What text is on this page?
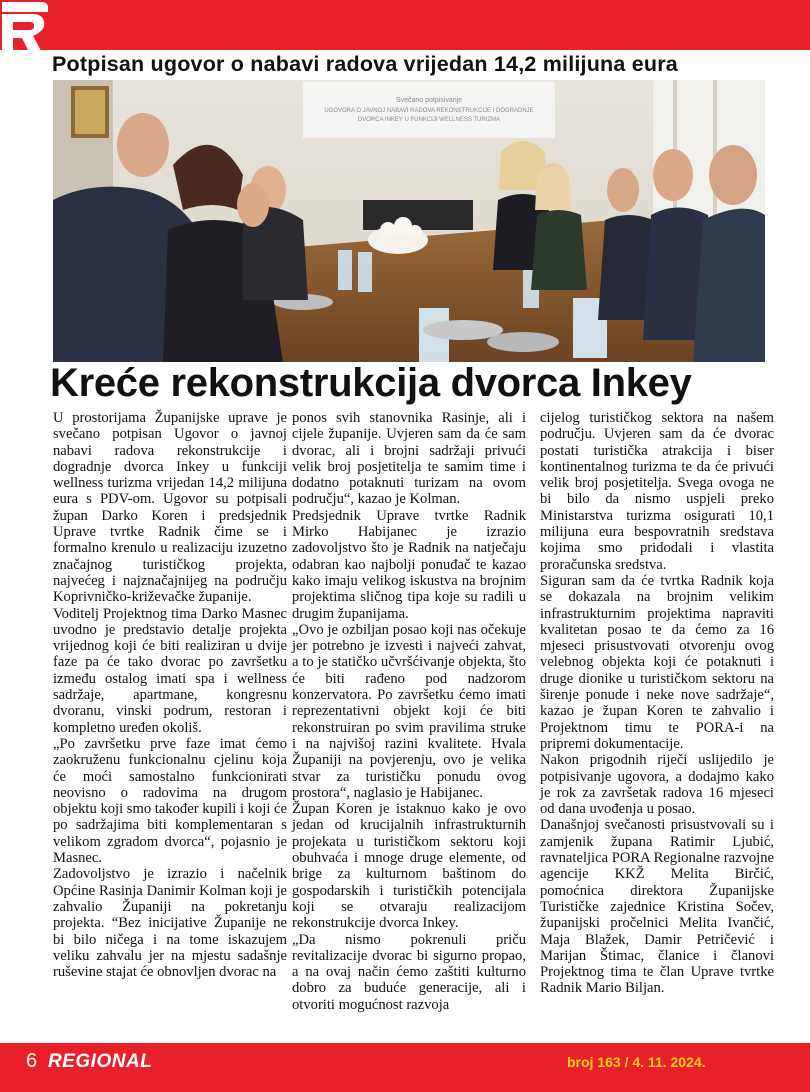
Potpisan ugovor o nabavi radova vrijedan 14,2 milijuna eura
Svečano potpisivanje
UGOVORA O JAVNOJ NABAVI RADOVA REKONSTRUKCIJE I DOGRADNJE
DVORCA INKEY U FUNKCIJI WELLNESS TURIZMA
Kreće rekonstrukcija dvorca Inkey

U prostorijama Županijske uprave je svečano potpisan Ugovor o javnoj nabavi radova rekonstrukcije i dogradnje dvorca Inkey u funkciji wellness turizma vrijedan 14,2 milijuna eura s PDV-om. Ugovor su potpisali župan Darko Koren i predsjednik Uprave tvrtke Radnik čime se i formalno krenulo u realizaciju izuzetno značajnog turističkog projekta, najvećeg i najznačajnijeg na području Koprivničko-križevačke županije.

Voditelj Projektnog tima Darko Masnec uvodno je predstavio detalje projekta vrijednog koji će biti realiziran u dvije faze pa će tako dvorac po završetku između ostalog imati spa i wellness sadržaje, apartmane, kongresnu dvoranu, vinski podrum, restoran i kompletno uređen okoliš.

„Po završetku prve faze imat ćemo zaokruženu funkcionalnu cjelinu koja će moći samostalno funkcionirati neovisno o radovima na drugom objektu koji smo također kupili i koji će po sadržajima biti komplementaran s velikom zgradom dvorca“, pojasnio je Masnec.

Zadovoljstvo je izrazio i načelnik Općine Rasinja Danimir Kolman koji je zahvalio Županiji na pokretanju projekta. “Bez inicijative Županije ne bi bilo ničega i na tome iskazujem veliku zahvalu jer na mjestu sadašnje ruševine stajat će obnovljen dvorac na

ponos svih stanovnika Rasinje, ali i cijele županije. Uvjeren sam da će sam dvorac, ali i brojni sadržaji privući velik broj posjetitelja te samim time i dodatno potaknuti turizam na ovom području“, kazao je Kolman.

Predsjednik Uprave tvrtke Radnik Mirko Habijanec je izrazio zadovoljstvo što je Radnik na natječaju odabran kao najbolji ponuđač te kazao kako imaju velikog iskustva na brojnim projektima sličnog tipa koje su radili u drugim županijama.

„Ovo je ozbiljan posao koji nas očekuje jer potrebno je izvesti i najveći zahvat, a to je statičko učvršćivanje objekta, što će biti rađeno pod nadzorom konzervatora. Po završetku ćemo imati reprezentativni objekt koji će biti rekonstruiran po svim pravilima struke i na najvišoj razini kvalitete. Hvala Županiji na povjerenju, ovo je velika stvar za turističku ponudu ovog prostora“, naglasio je Habijanec.

Župan Koren je istaknuo kako je ovo jedan od krucijalnih infrastrukturnih projekata u turističkom sektoru koji obuhvaća i mnoge druge elemente, od brige za kulturnom baštinom do gospodarskih i turističkih potencijala koji se otvaraju realizacijom rekonstrukcije dvorca Inkey.

„Da nismo pokrenuli priču revitalizacije dvorac bi sigurno propao, a na ovaj način ćemo zaštiti kulturno dobro za buduće generacije, ali i otvoriti mogućnost razvoja

cijelog turističkog sektora na našem području. Uvjeren sam da će dvorac postati turistička atrakcija i biser kontinentalnog turizma te da će privući velik broj posjetitelja. Svega ovoga ne bi bilo da nismo uspjeli preko Ministarstva turizma osigurati 10,1 milijuna eura bespovratnih sredstava kojima smo pridodali i vlastita proračunska sredstva.

Siguran sam da će tvrtka Radnik koja se dokazala na brojnim velikim infrastrukturnim projektima napraviti kvalitetan posao te da ćemo za 16 mjeseci prisustvovati otvorenju ovog velebnog objekta koji će potaknuti i druge dionike u turističkom sektoru na širenje ponude i neke nove sadržaje“, kazao je župan Koren te zahvalio i Projektnom timu te PORA-i na pripremi dokumentacije.

Nakon prigodnih riječi uslijedilo je potpisivanje ugovora, a dodajmo kako je rok za završetak radova 16 mjeseci od dana uvođenja u posao.

Današnjoj svečanosti prisustvovali su i zamjenik župana Ratimir Ljubić, ravnateljica PORA Regionalne razvojne agencije KKŽ Melita Birčić, pomoćnica direktora Županijske Turističke zajednice Kristina Sočev, županijski pročelnici Melita Ivančić, Maja Blažek, Damir Petričević i Marijan Štimac, članice i članovi Projektnog tima te član Uprave tvrtke Radnik Mario Biljan.

6 REGIONAL	broj 163 / 4. 11. 2024.
